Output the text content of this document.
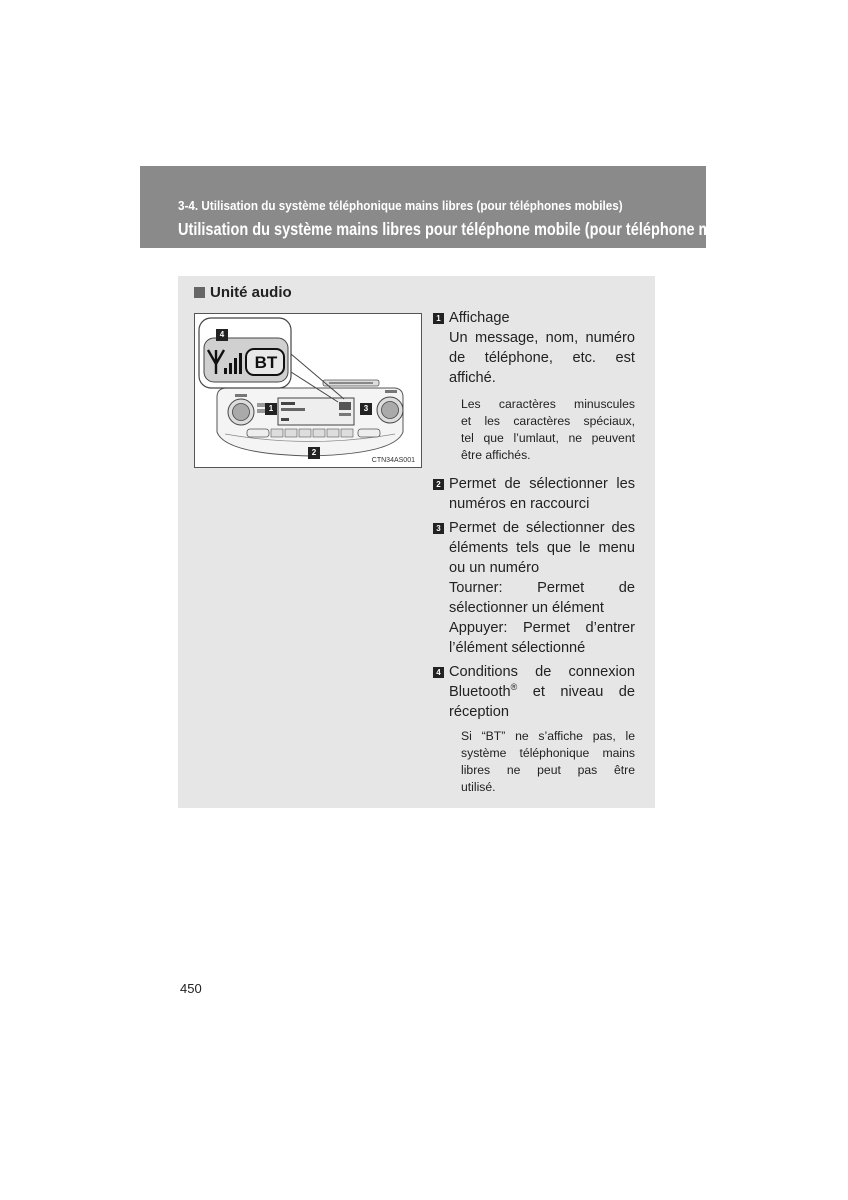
3-4. Utilisation du système téléphonique mains libres (pour téléphones mobiles)
Utilisation du système mains libres pour téléphone mobile (pour téléphone mobile)
Unité audio
BT
4
1	3
2
CTN34AS001
1 Affichage
Un message, nom, numéro
de téléphone, etc. est
affiché.
Les caractères minuscules
et les caractères spéciaux,
tel que l’umlaut, ne peuvent
être affichés.
2 Permet de sélectionner les
numéros en raccourci
3 Permet de sélectionner des
éléments tels que le menu
ou un numéro
Tourner: Permet de
sélectionner un élément
Appuyer: Permet d’entrer
l’élément sélectionné
4 Conditions de connexion
Bluetooth® et niveau de
réception
Si “BT” ne s’affiche pas, le
système téléphonique mains
libres ne peut pas être
utilisé.
450
